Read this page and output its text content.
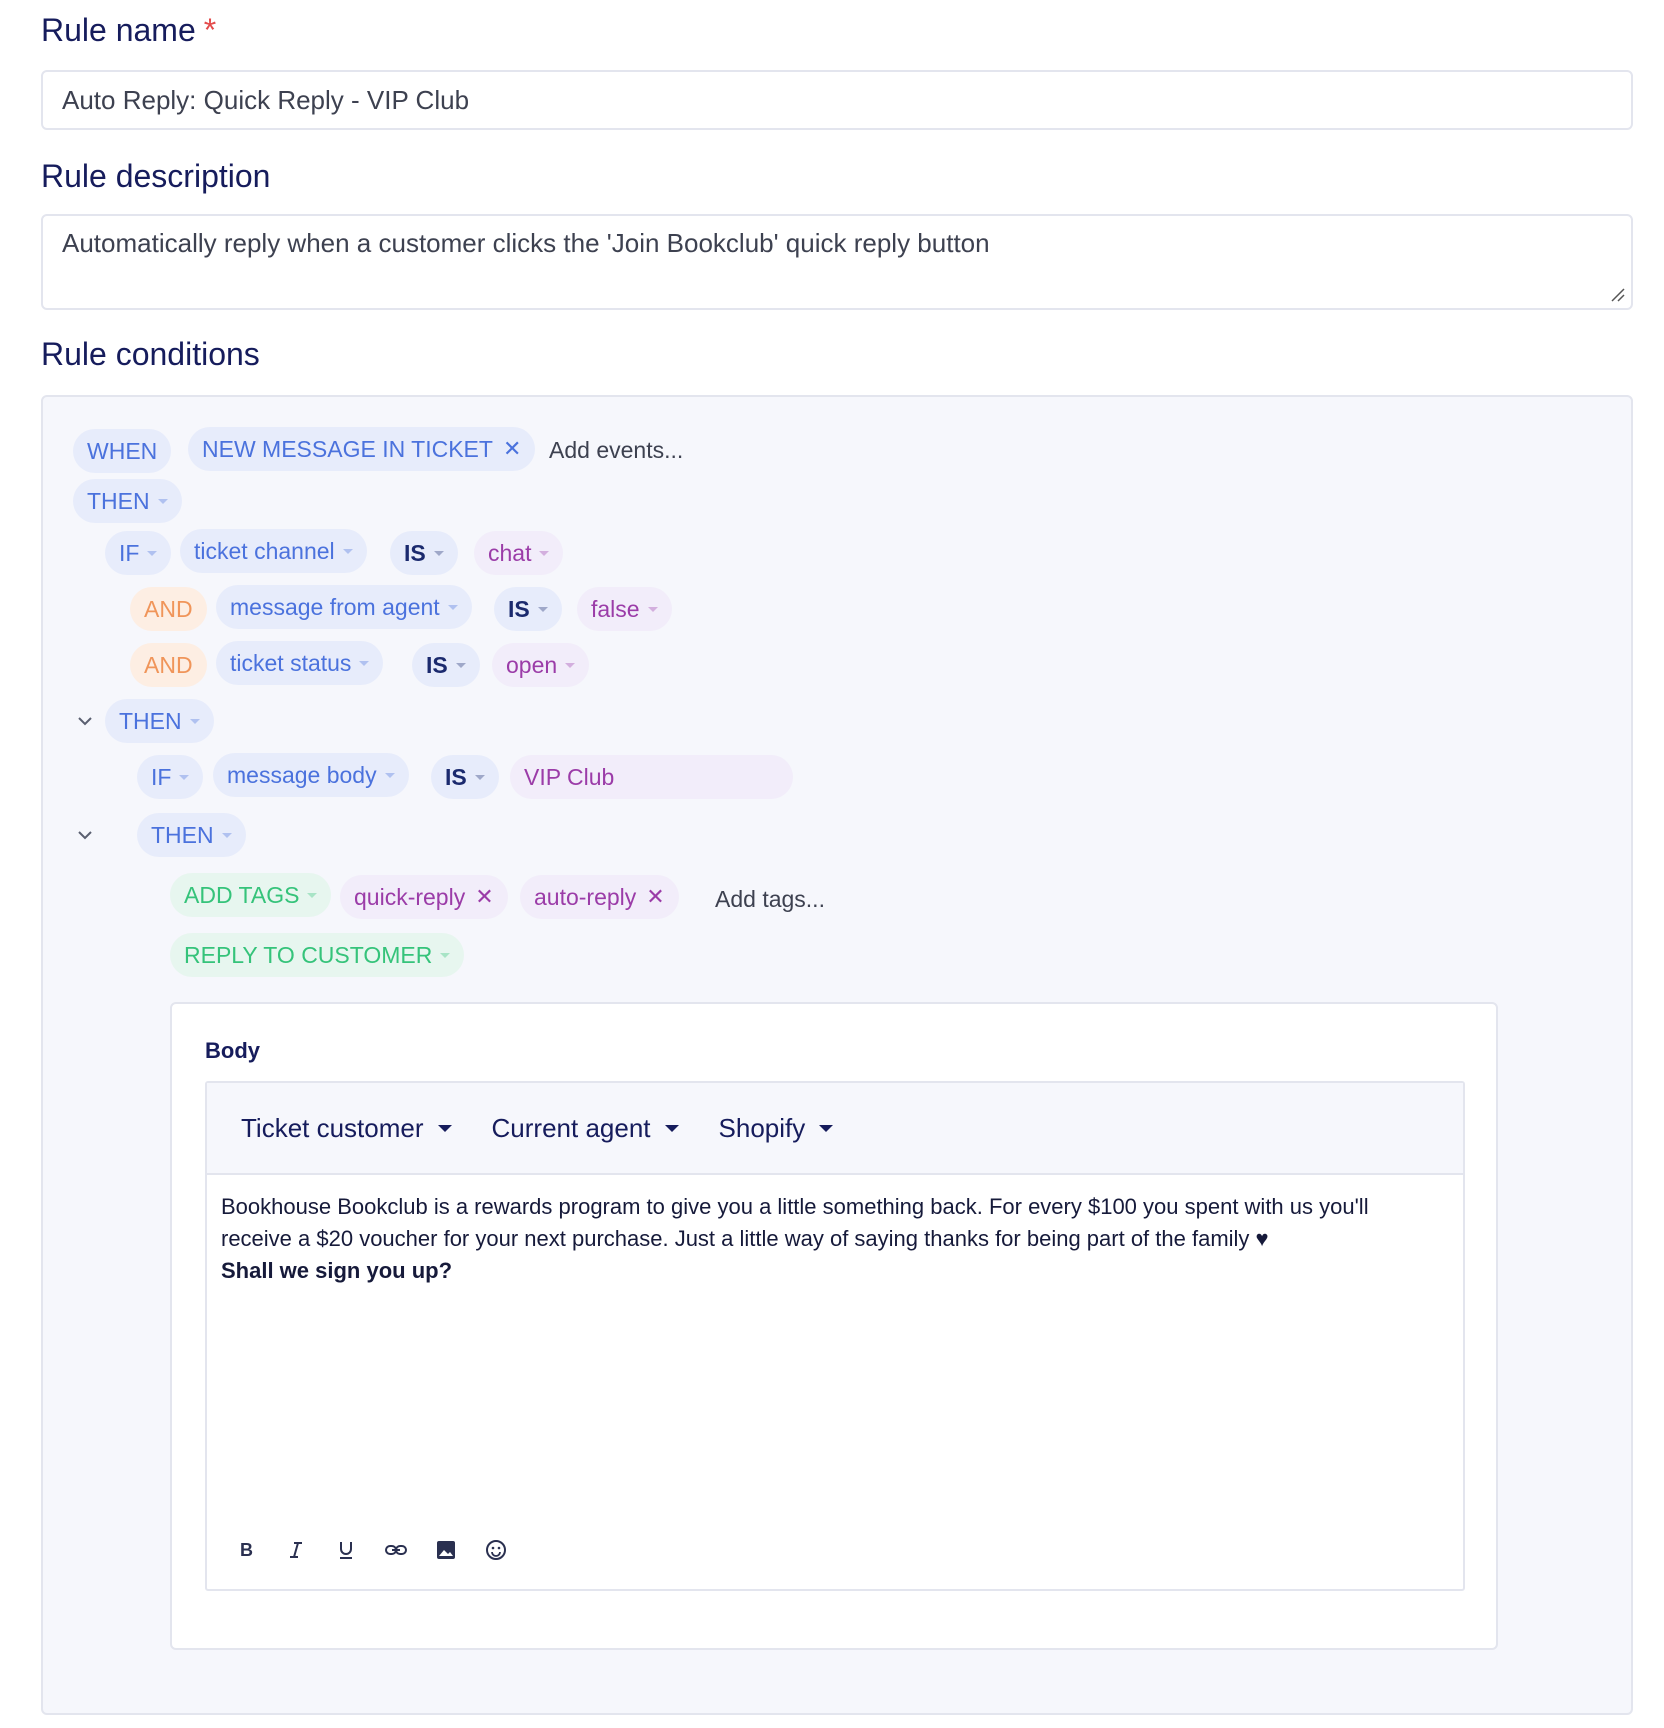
Rule name *
Auto Reply: Quick Reply - VIP Club
Rule description
Automatically reply when a customer clicks the 'Join Bookclub' quick reply button
Rule conditions
WHEN NEW MESSAGE IN TICKET ✕ Add events...
THEN
IF ticket channel	IS	chat
AND message from agent	IS	false
AND ticket status	IS	open
THEN
IF message body	IS VIP Club
THEN
ADD TAGS quick-reply ✕ auto-reply ✕ Add tags...
REPLY TO CUSTOMER
Body
Ticket customer	Current agent	Shopify
Bookhouse Bookclub is a rewards program to give you a little something back. For every $100 you spent with us you'll
receive a $20 voucher for your next purchase. Just a little way of saying thanks for being part of the family ♥
Shall we sign you up?
B
